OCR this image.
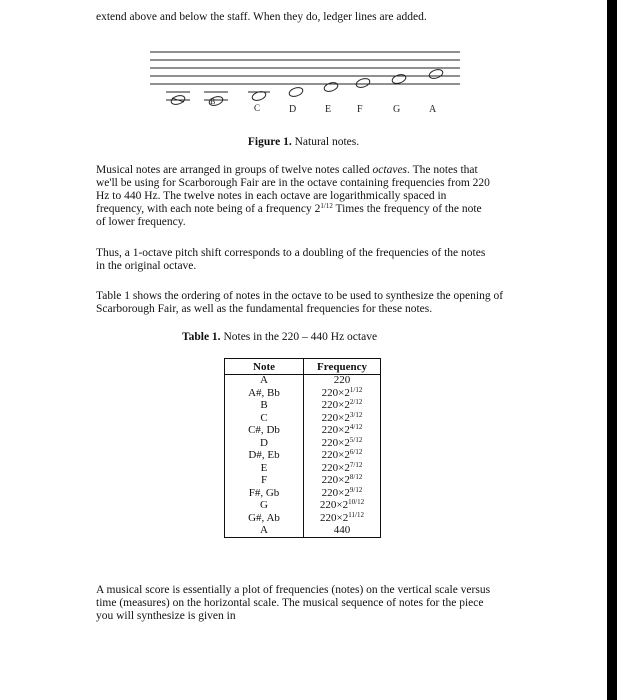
extend above and below the staff. When they do, ledger lines are added.

B
C	D	E	F	G	A
Figure 1. Natural notes.

Musical notes are arranged in groups of twelve notes called octaves. The notes that

we'll be using for Scarborough Fair are in the octave containing frequencies from 220

Hz to 440 Hz. The twelve notes in each octave are logarithmically spaced in

frequency, with each note being of a frequency $2^{1/12}$ Times the frequency of the note

of lower frequency.

Thus, a 1-octave pitch shift corresponds to a doubling of the frequencies of the notes

in the original octave.

Table 1 shows the ordering of notes in the octave to be used to synthesize the opening of

Scarborough Fair, as well as the fundamental frequencies for these notes.

Table 1. Notes in the 220 – 440 Hz octave
Note	Frequency
A	220
A#, Bb	$220\times 2^{1/12}$
B	$220\times 2^{2/12}$
C	$220\times 2^{3/12}$
C#, Db	$220\times 2^{4/12}$
D	$220\times 2^{5/12}$
D#, Eb	$220\times 2^{6/12}$
E	$220\times 2^{7/12}$
F	$220\times 2^{8/12}$
F#, Gb	$220\times 2^{9/12}$
G	$220\times 2^{10/12}$
G#, Ab	$220\times 2^{11/12}$
A	440

A musical score is essentially a plot of frequencies (notes) on the vertical scale versus

time (measures) on the horizontal scale. The musical sequence of notes for the piece

you will synthesize is given in
